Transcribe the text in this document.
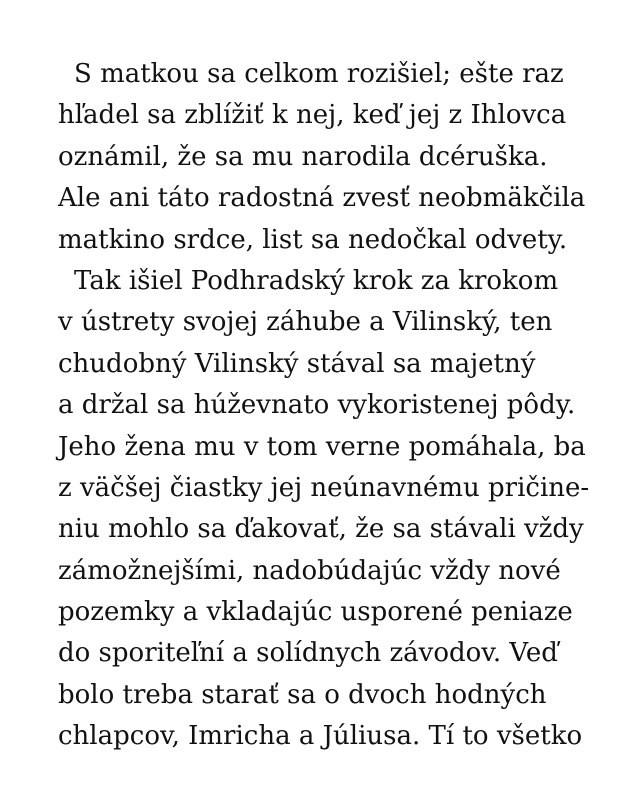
S matkou sa celkom rozišiel; ešte raz
hľadel sa zblížiť k nej, keď jej z Ihlovca
oznámil, že sa mu narodila dcéruška.
Ale ani táto radostná zvesť neobmäkčila
matkino srdce, list sa nedočkal odvety.
Tak išiel Podhradský krok za krokom
v ústrety svojej záhube a Vilinský, ten
chudobný Vilinský stával sa majetný
a držal sa húževnato vykoristenej pôdy.
Jeho žena mu v tom verne pomáhala, ba
z väčšej čiastky jej neúnavnému pričine-
niu mohlo sa ďakovať, že sa stávali vždy
zámožnejšími, nadobúdajúc vždy nové
pozemky a vkladajúc usporené peniaze
do sporiteľní a solídnych závodov. Veď
bolo treba starať sa o dvoch hodných
chlapcov, Imricha a Júliusa. Tí to všetko
